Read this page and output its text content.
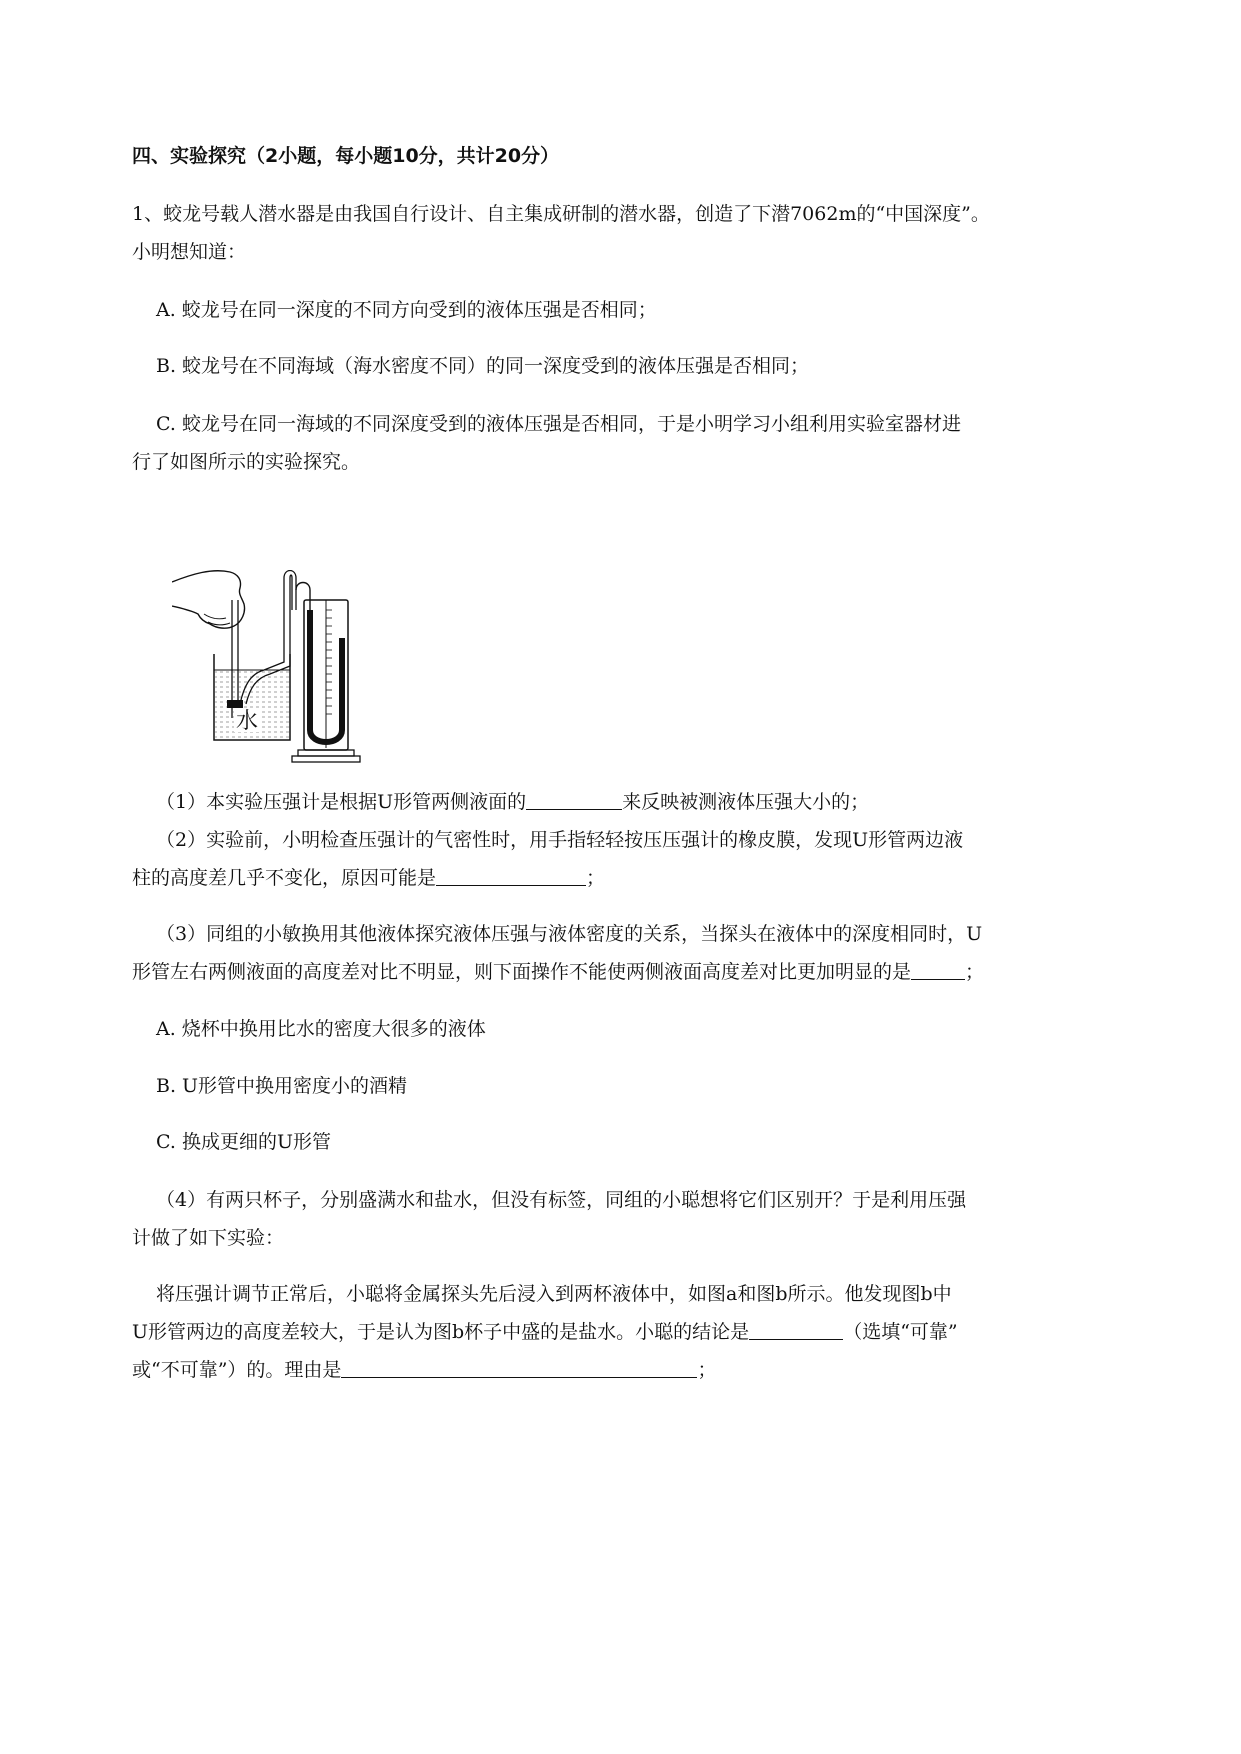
四、实验探究（2小题，每小题10分，共计20分）
1、蛟龙号载人潜水器是由我国自行设计、自主集成研制的潜水器，创造了下潜7062m的“中国深度”。
小明想知道：
A. 蛟龙号在同一深度的不同方向受到的液体压强是否相同；
B. 蛟龙号在不同海域（海水密度不同）的同一深度受到的液体压强是否相同；
C. 蛟龙号在同一海域的不同深度受到的液体压强是否相同，于是小明学习小组利用实验室器材进
行了如图所示的实验探究。
水
（1）本实验压强计是根据U形管两侧液面的	来反映被测液体压强大小的；
（2）实验前，小明检查压强计的气密性时，用手指轻轻按压压强计的橡皮膜，发现U形管两边液
柱的高度差几乎不变化，原因可能是	；
（3）同组的小敏换用其他液体探究液体压强与液体密度的关系，当探头在液体中的深度相同时，U
形管左右两侧液面的高度差对比不明显，则下面操作不能使两侧液面高度差对比更加明显的是	；
A. 烧杯中换用比水的密度大很多的液体
B. U形管中换用密度小的酒精
C. 换成更细的U形管
（4）有两只杯子，分别盛满水和盐水，但没有标签，同组的小聪想将它们区别开？于是利用压强
计做了如下实验：
将压强计调节正常后，小聪将金属探头先后浸入到两杯液体中，如图a和图b所示。他发现图b中
U形管两边的高度差较大，于是认为图b杯子中盛的是盐水。小聪的结论是	（选填“可靠”
或“不可靠”）的。理由是	；
